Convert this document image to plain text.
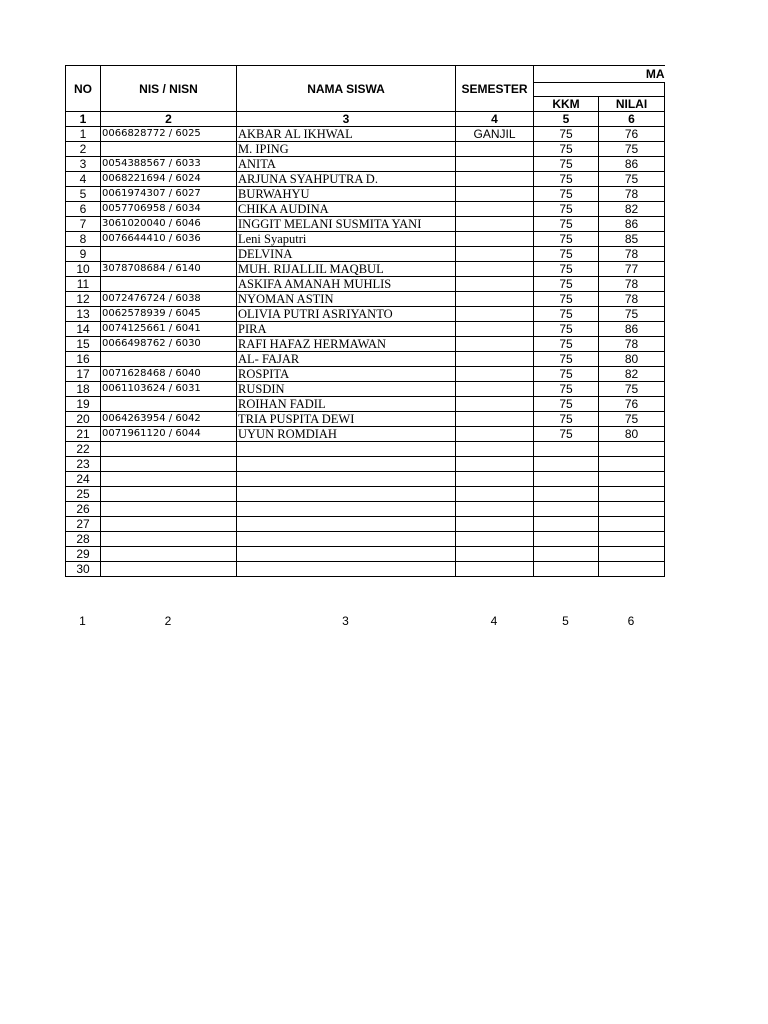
NO	NIS / NISN	NAMA SISWA	SEMESTER	MA	

				KKM	NILAI
1	2	3	4	5	6
1	0066828772 / 6025	AKBAR AL IKHWAL	GANJIL	75	76
2		M. IPING		75	75
3	0054388567 / 6033	ANITA		75	86
4	0068221694 / 6024	ARJUNA SYAHPUTRA D.		75	75
5	0061974307 / 6027	BURWAHYU		75	78
6	0057706958 / 6034	CHIKA AUDINA		75	82
7	3061020040 / 6046	INGGIT MELANI SUSMITA YANI		75	86
8	0076644410 / 6036	Leni Syaputri		75	85
9		DELVINA		75	78
10	3078708684 / 6140	MUH. RIJALLIL MAQBUL		75	77
11		ASKIFA AMANAH MUHLIS		75	78
12	0072476724 / 6038	NYOMAN ASTIN		75	78
13	0062578939 / 6045	OLIVIA PUTRI ASRIYANTO		75	75
14	0074125661 / 6041	PIRA		75	86
15	0066498762 / 6030	RAFI HAFAZ HERMAWAN		75	78
16		AL- FAJAR		75	80
17	0071628468 / 6040	ROSPITA		75	82
18	0061103624 / 6031	RUSDIN		75	75
19		ROIHAN FADIL		75	76
20	0064263954 / 6042	TRIA PUSPITA DEWI		75	75
21	0071961120 / 6044	UYUN ROMDIAH		75	80
22					
23					
24					
25					
26					
27					
28					
29					
30					
1	2	3	4	5	6
